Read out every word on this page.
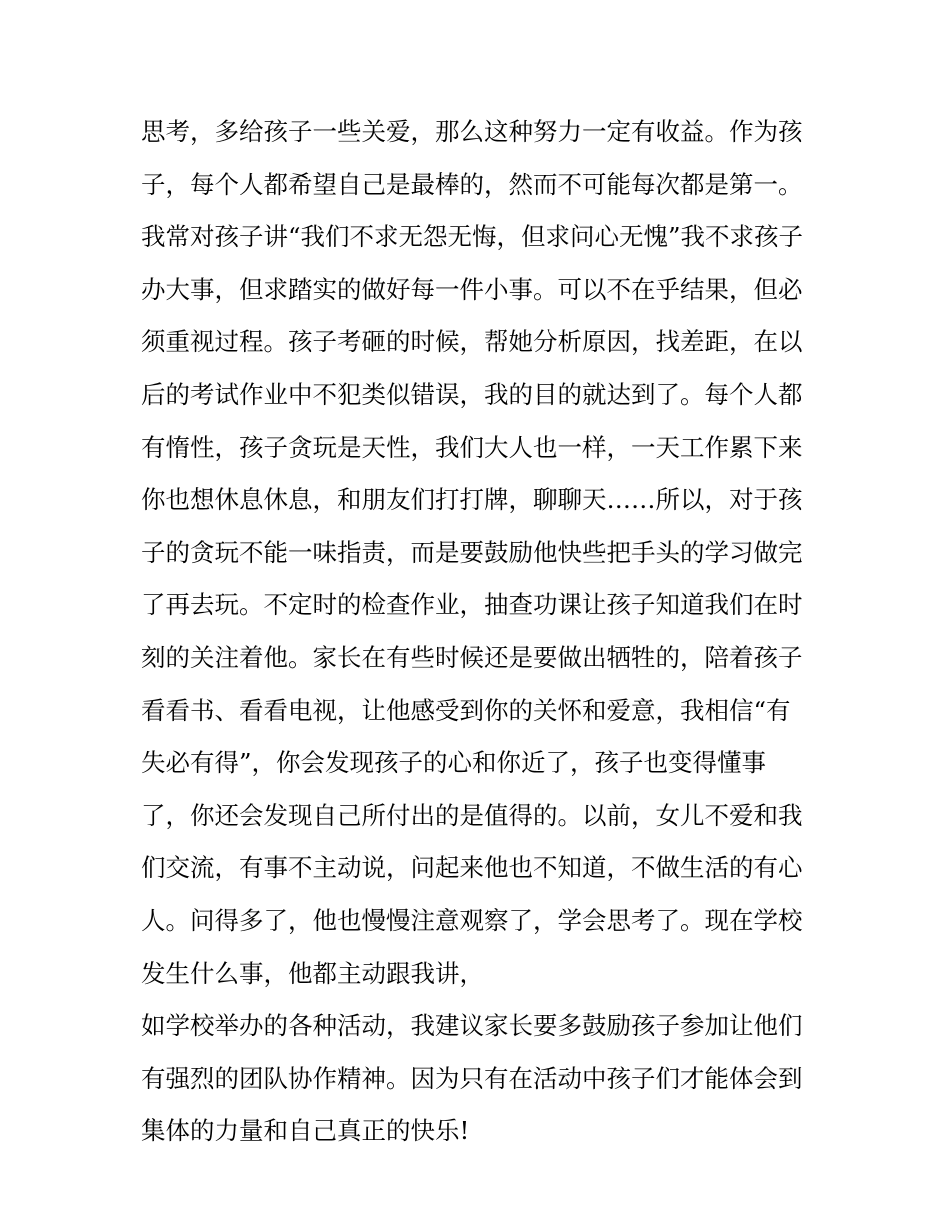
思考，多给孩子一些关爱，那么这种努力一定有收益。作为孩
子，每个人都希望自己是最棒的，然而不可能每次都是第一。
我常对孩子讲“我们不求无怨无悔，但求问心无愧”我不求孩子
办大事，但求踏实的做好每一件小事。可以不在乎结果，但必
须重视过程。孩子考砸的时候，帮她分析原因，找差距，在以
后的考试作业中不犯类似错误，我的目的就达到了。每个人都
有惰性，孩子贪玩是天性，我们大人也一样，一天工作累下来
你也想休息休息，和朋友们打打牌，聊聊天……所以，对于孩
子的贪玩不能一味指责，而是要鼓励他快些把手头的学习做完
了再去玩。不定时的检查作业，抽查功课让孩子知道我们在时
刻的关注着他。家长在有些时候还是要做出牺牲的，陪着孩子
看看书、看看电视，让他感受到你的关怀和爱意，我相信“有
失必有得”，你会发现孩子的心和你近了，孩子也变得懂事
了，你还会发现自己所付出的是值得的。以前，女儿不爱和我
们交流，有事不主动说，问起来他也不知道，不做生活的有心
人。问得多了，他也慢慢注意观察了，学会思考了。现在学校
发生什么事，他都主动跟我讲，
如学校举办的各种活动，我建议家长要多鼓励孩子参加让他们
有强烈的团队协作精神。因为只有在活动中孩子们才能体会到
集体的力量和自己真正的快乐!
